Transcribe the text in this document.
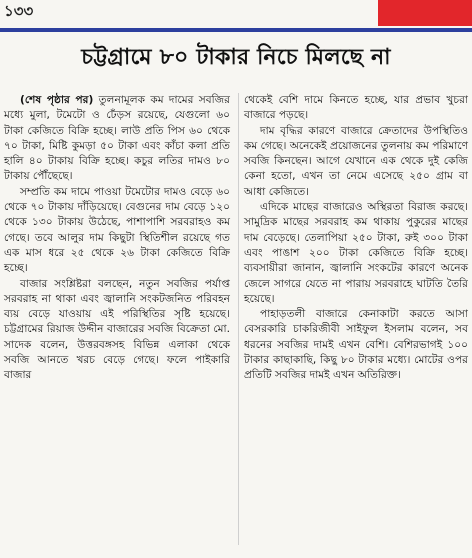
১৩৩
চট্টগ্রামে ৮০ টাকার নিচে মিলছে না

(শেষ পৃষ্ঠার পর) তুলনামূলক কম দামের সবজির মধ্যে মুলা, টমেটো ও ঢেঁড়স রয়েছে, যেগুলো ৬০ টাকা কেজিতে বিক্রি হচ্ছে। লাউ প্রতি পিস ৬০ থেকে ৭০ টাকা, মিষ্টি কুমড়া ৫০ টাকা এবং কাঁচা কলা প্রতি হালি ৪০ টাকায় বিক্রি হচ্ছে। কচুর লতির দামও ৮০ টাকায় পৌঁছেছে।

সম্প্রতি কম দামে পাওয়া টমেটোর দামও বেড়ে ৬০ থেকে ৭০ টাকায় দাঁড়িয়েছে। বেগুনের দাম বেড়ে ১২০ থেকে ১৩০ টাকায় উঠেছে, পাশাপাশি সরবরাহও কম গেছে। তবে আলুর দাম কিছুটা স্থিতিশীল রয়েছে গত এক মাস ধরে ২৫ থেকে ২৬ টাকা কেজিতে বিক্রি হচ্ছে।

বাজার সংশ্লিষ্টরা বলছেন, নতুন সবজির পর্যাপ্ত সরবরাহ না থাকা এবং জ্বালানি সংকটজনিত পরিবহন ব্যয় বেড়ে যাওয়ায় এই পরিস্থিতির সৃষ্টি হয়েছে। চট্টগ্রামের রিয়াজ উদ্দীন বাজারের সবজি বিক্রেতা মো. সাদেক বলেন, উত্তরবঙ্গসহ বিভিন্ন এলাকা থেকে সবজি আনতে খরচ বেড়ে গেছে। ফলে পাইকারি বাজার

থেকেই বেশি দামে কিনতে হচ্ছে, যার প্রভাব খুচরা বাজারে পড়ছে।

দাম বৃদ্ধির কারণে বাজারে ক্রেতাদের উপস্থিতিও কম গেছে। অনেকেই প্রয়োজনের তুলনায় কম পরিমাণে সবজি কিনছেন। আগে যেখানে এক থেকে দুই কেজি কেনা হতো, এখন তা নেমে এসেছে ২৫০ গ্রাম বা আধা কেজিতে।

এদিকে মাছের বাজারেও অস্থিরতা বিরাজ করছে। সামুদ্রিক মাছের সরবরাহ কম থাকায় পুকুরের মাছের দাম বেড়েছে। তেলাপিয়া ২৫০ টাকা, রুই ৩০০ টাকা এবং পাঙাশ ২০০ টাকা কেজিতে বিক্রি হচ্ছে। ব্যবসায়ীরা জানান, জ্বালানি সংকটের কারণে অনেক জেলে সাগরে যেতে না পারায় সরবরাহে ঘাটতি তৈরি হয়েছে।

পাহাড়তলী বাজারে কেনাকাটা করতে আসা বেসরকারি চাকরিজীবী সাইফুল ইসলাম বলেন, সব ধরনের সবজির দামই এখন বেশি। বেশিরভাগই ১০০ টাকার কাছাকাছি, কিছু ৮০ টাকার মধ্যে। মোটের ওপর প্রতিটি সবজির দামই এখন অতিরিক্ত।
